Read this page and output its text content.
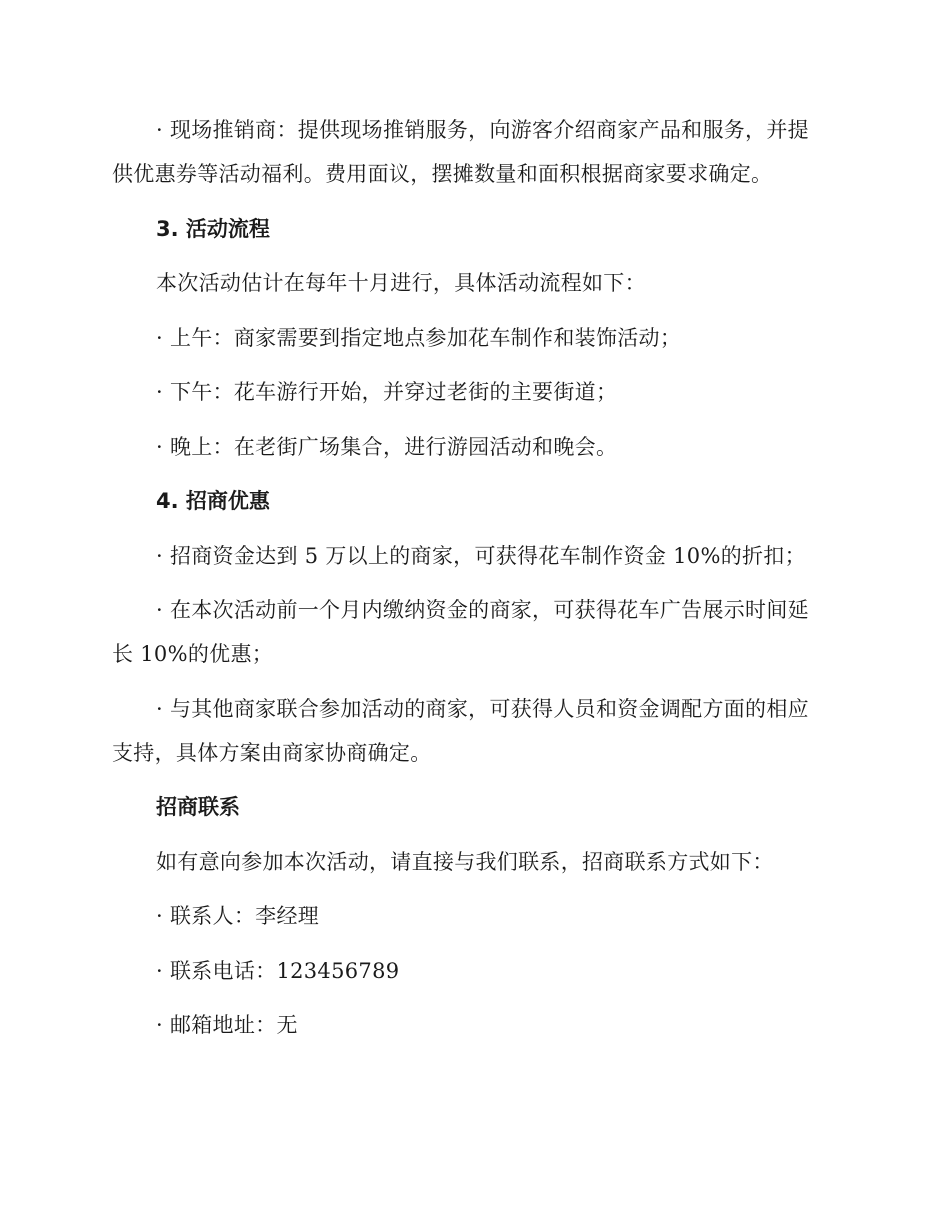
· 现场推销商：提供现场推销服务，向游客介绍商家产品和服务，并提供优惠券等活动福利。费用面议，摆摊数量和面积根据商家要求确定。

3. 活动流程

本次活动估计在每年十月进行，具体活动流程如下：

· 上午：商家需要到指定地点参加花车制作和装饰活动；

· 下午：花车游行开始，并穿过老街的主要街道；

· 晚上：在老街广场集合，进行游园活动和晚会。

4. 招商优惠

· 招商资金达到 5 万以上的商家，可获得花车制作资金 10%的折扣；

· 在本次活动前一个月内缴纳资金的商家，可获得花车广告展示时间延长 10%的优惠；

· 与其他商家联合参加活动的商家，可获得人员和资金调配方面的相应支持，具体方案由商家协商确定。

招商联系

如有意向参加本次活动，请直接与我们联系，招商联系方式如下：

· 联系人：李经理

· 联系电话：123456789

· 邮箱地址：无
